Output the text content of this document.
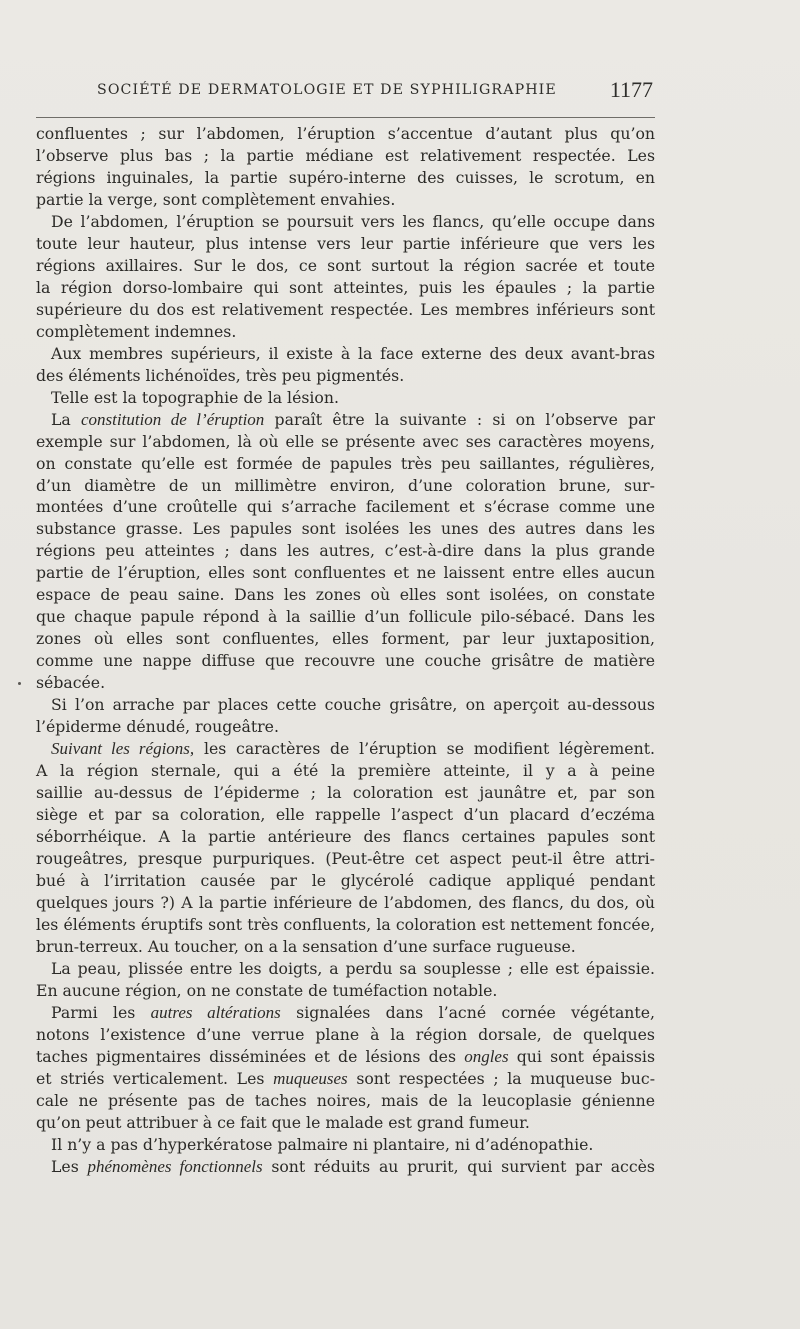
SOCIÉTÉ DE DERMATOLOGIE ET DE SYPHILIGRAPHIE 1177
confluentes ; sur l’abdomen, l’éruption s’accentue d’autant plus qu’on
l’observe plus bas ; la partie médiane est relativement respectée. Les
régions inguinales, la partie supéro-interne des cuisses, le scrotum, en
partie la verge, sont complètement envahies.
De l’abdomen, l’éruption se poursuit vers les flancs, qu’elle occupe dans
toute leur hauteur, plus intense vers leur partie inférieure que vers les
régions axillaires. Sur le dos, ce sont surtout la région sacrée et toute
la région dorso-lombaire qui sont atteintes, puis les épaules ; la partie
supérieure du dos est relativement respectée. Les membres inférieurs sont
complètement indemnes.
Aux membres supérieurs, il existe à la face externe des deux avant-bras
des éléments lichénoïdes, très peu pigmentés.
Telle est la topographie de la lésion.
La constitution de l’éruption paraît être la suivante : si on l’observe par
exemple sur l’abdomen, là où elle se présente avec ses caractères moyens,
on constate qu’elle est formée de papules très peu saillantes, régulières,
d’un diamètre de un millimètre environ, d’une coloration brune, sur-
montées d’une croûtelle qui s’arrache facilement et s’écrase comme une
substance grasse. Les papules sont isolées les unes des autres dans les
régions peu atteintes ; dans les autres, c’est-à-dire dans la plus grande
partie de l’éruption, elles sont confluentes et ne laissent entre elles aucun
espace de peau saine. Dans les zones où elles sont isolées, on constate
que chaque papule répond à la saillie d’un follicule pilo-sébacé. Dans les
zones où elles sont confluentes, elles forment, par leur juxtaposition,
comme une nappe diffuse que recouvre une couche grisâtre de matière
sébacée.
Si l’on arrache par places cette couche grisâtre, on aperçoit au-dessous
l’épiderme dénudé, rougeâtre.
Suivant les régions, les caractères de l’éruption se modifient légèrement.
A la région sternale, qui a été la première atteinte, il y a à peine
saillie au-dessus de l’épiderme ; la coloration est jaunâtre et, par son
siège et par sa coloration, elle rappelle l’aspect d’un placard d’eczéma
séborrhéique. A la partie antérieure des flancs certaines papules sont
rougeâtres, presque purpuriques. (Peut-être cet aspect peut-il être attri-
bué à l’irritation causée par le glycérolé cadique appliqué pendant
quelques jours ?) A la partie inférieure de l’abdomen, des flancs, du dos, où
les éléments éruptifs sont très confluents, la coloration est nettement foncée,
brun-terreux. Au toucher, on a la sensation d’une surface rugueuse.
La peau, plissée entre les doigts, a perdu sa souplesse ; elle est épaissie.
En aucune région, on ne constate de tuméfaction notable.
Parmi les autres altérations signalées dans l’acné cornée végétante,
notons l’existence d’une verrue plane à la région dorsale, de quelques
taches pigmentaires disséminées et de lésions des ongles qui sont épaissis
et striés verticalement. Les muqueuses sont respectées ; la muqueuse buc-
cale ne présente pas de taches noires, mais de la leucoplasie génienne
qu’on peut attribuer à ce fait que le malade est grand fumeur.
Il n’y a pas d’hyperkératose palmaire ni plantaire, ni d’adénopathie.
Les phénomènes fonctionnels sont réduits au prurit, qui survient par accès
